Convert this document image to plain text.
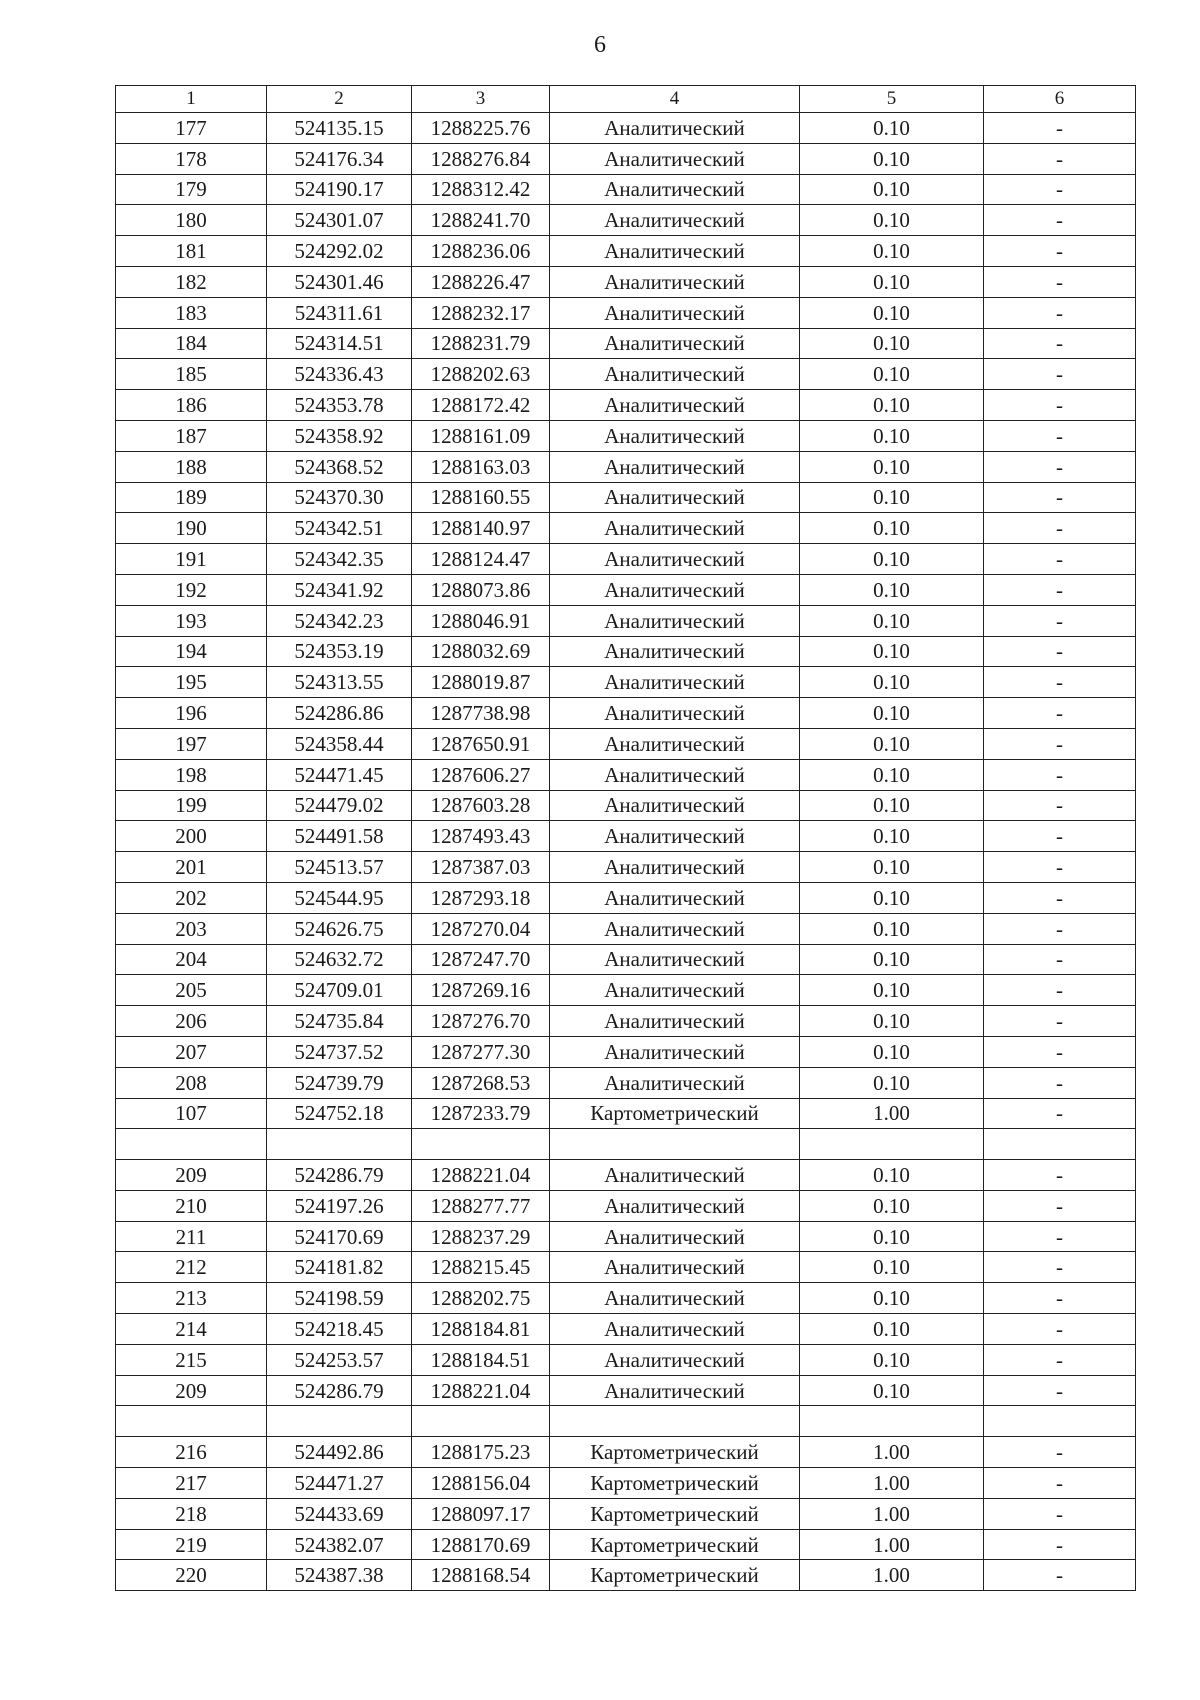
6
1	2	3	4	5	6
177	524135.15	1288225.76	Аналитический	0.10	-
178	524176.34	1288276.84	Аналитический	0.10	-
179	524190.17	1288312.42	Аналитический	0.10	-
180	524301.07	1288241.70	Аналитический	0.10	-
181	524292.02	1288236.06	Аналитический	0.10	-
182	524301.46	1288226.47	Аналитический	0.10	-
183	524311.61	1288232.17	Аналитический	0.10	-
184	524314.51	1288231.79	Аналитический	0.10	-
185	524336.43	1288202.63	Аналитический	0.10	-
186	524353.78	1288172.42	Аналитический	0.10	-
187	524358.92	1288161.09	Аналитический	0.10	-
188	524368.52	1288163.03	Аналитический	0.10	-
189	524370.30	1288160.55	Аналитический	0.10	-
190	524342.51	1288140.97	Аналитический	0.10	-
191	524342.35	1288124.47	Аналитический	0.10	-
192	524341.92	1288073.86	Аналитический	0.10	-
193	524342.23	1288046.91	Аналитический	0.10	-
194	524353.19	1288032.69	Аналитический	0.10	-
195	524313.55	1288019.87	Аналитический	0.10	-
196	524286.86	1287738.98	Аналитический	0.10	-
197	524358.44	1287650.91	Аналитический	0.10	-
198	524471.45	1287606.27	Аналитический	0.10	-
199	524479.02	1287603.28	Аналитический	0.10	-
200	524491.58	1287493.43	Аналитический	0.10	-
201	524513.57	1287387.03	Аналитический	0.10	-
202	524544.95	1287293.18	Аналитический	0.10	-
203	524626.75	1287270.04	Аналитический	0.10	-
204	524632.72	1287247.70	Аналитический	0.10	-
205	524709.01	1287269.16	Аналитический	0.10	-
206	524735.84	1287276.70	Аналитический	0.10	-
207	524737.52	1287277.30	Аналитический	0.10	-
208	524739.79	1287268.53	Аналитический	0.10	-
107	524752.18	1287233.79	Картометрический	1.00	-

209	524286.79	1288221.04	Аналитический	0.10	-
210	524197.26	1288277.77	Аналитический	0.10	-
211	524170.69	1288237.29	Аналитический	0.10	-
212	524181.82	1288215.45	Аналитический	0.10	-
213	524198.59	1288202.75	Аналитический	0.10	-
214	524218.45	1288184.81	Аналитический	0.10	-
215	524253.57	1288184.51	Аналитический	0.10	-
209	524286.79	1288221.04	Аналитический	0.10	-

216	524492.86	1288175.23	Картометрический	1.00	-
217	524471.27	1288156.04	Картометрический	1.00	-
218	524433.69	1288097.17	Картометрический	1.00	-
219	524382.07	1288170.69	Картометрический	1.00	-
220	524387.38	1288168.54	Картометрический	1.00	-
